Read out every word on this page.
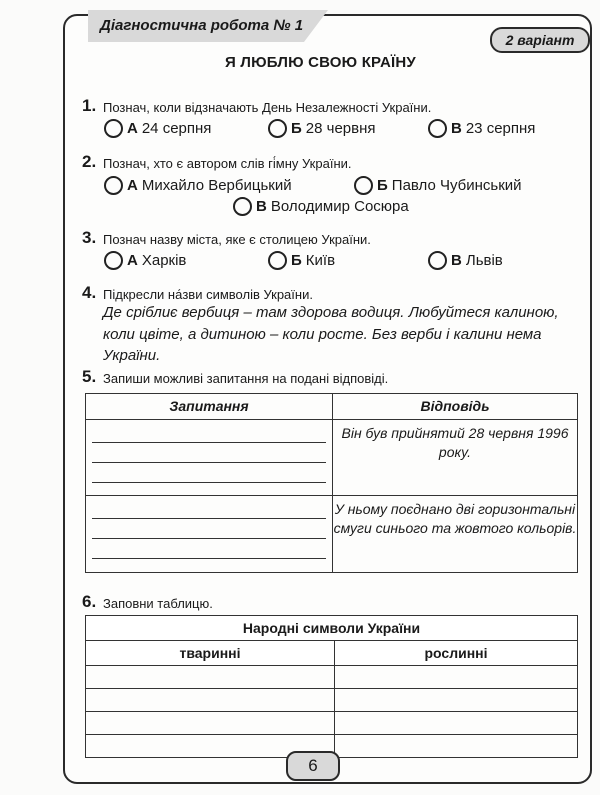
Діагностична робота № 1
2 варіант
Я ЛЮБЛЮ СВОЮ КРАЇНУ
1. Познач, коли відзначають День Незалежності України.
А 24 серпня	Б 28 червня	В 23 серпня
2. Познач, хто є автором слів гі́мну України.
А Михайло Вербицький	Б Павло Чубинський
В Володимир Сосюра
3. Познач назву міста, яке є столицею України.
А Харків	Б Київ	В Львів
4. Підкресли на́зви символів України.
Де сріблиє вербиця – там здорова водиця. Любуйтеся калиною, коли цвіте, а дитиною – коли росте. Без верби і калини нема України.
5. Запиши можливі запитання на подані відповіді.
Запитання	Відповідь

	Він був прийнятий 28 червня 1996 року.

	У ньому поєднано дві горизонтальні смуги синього та жовтого кольорів.
6. Заповни таблицю.
Народні символи України	
тваринні	рослинні

6
